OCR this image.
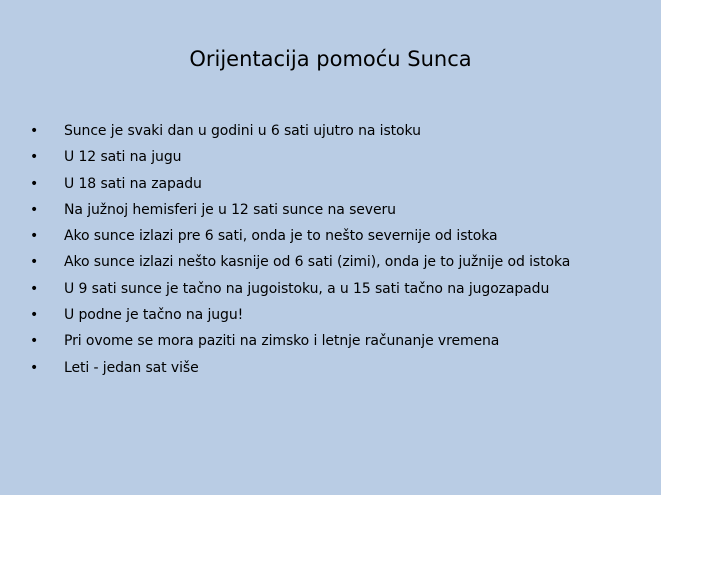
Orijentacija pomoću Sunca
• Sunce je svaki dan u godini u 6 sati ujutro na istoku
• U 12 sati na jugu
• U 18 sati na zapadu
• Na južnoj hemisferi je u 12 sati sunce na severu
• Ako sunce izlazi pre 6 sati, onda je to nešto severnije od istoka
• Ako sunce izlazi nešto kasnije od 6 sati (zimi), onda je to južnije od istoka
• U 9 sati sunce je tačno na jugoistoku, a u 15 sati tačno na jugozapadu
• U podne je tačno na jugu!
• Pri ovome se mora paziti na zimsko i letnje računanje vremena
• Leti - jedan sat više
